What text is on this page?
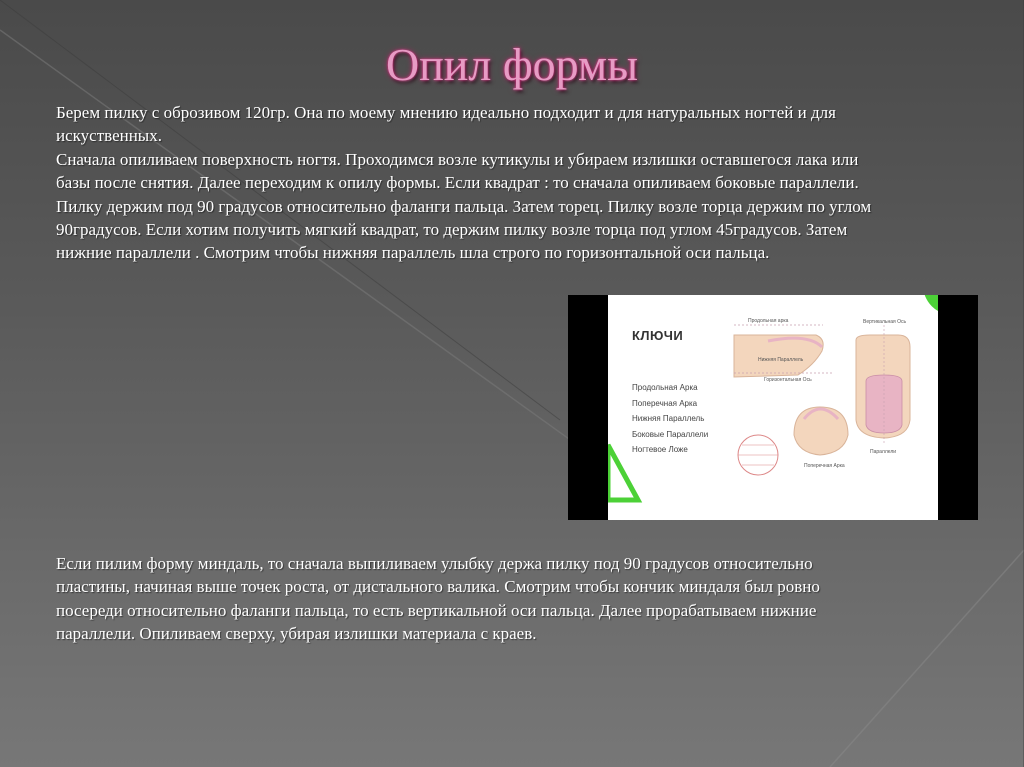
Опил формы

Берем пилку с оброзивом 120гр. Она по моему мнению идеально подходит и для натуральных ногтей и для искуственных.

Сначала опиливаем поверхность ногтя. Проходимся возле кутикулы и убираем излишки оставшегося лака или базы после снятия. Далее переходим к опилу формы. Если квадрат : то сначала опиливаем боковые параллели. Пилку держим под 90 градусов относительно фаланги пальца. Затем торец. Пилку возле торца держим по углом 90градусов. Если хотим получить мягкий квадрат, то держим пилку возле торца под углом 45градусов. Затем нижние параллели . Смотрим чтобы нижняя параллель шла строго по горизонтальной оси пальца.

Продольная арка
Нижняя Параллель
Горизонтальная Ось
Вертикальная Ось
Параллели
Поперечная Арка
КЛЮЧИ
Продольная Арка
Поперечная Арка
Нижняя Параллель
Боковые Параллели
Ногтевое Ложе
Если пилим форму миндаль, то сначала выпиливаем улыбку держа пилку под 90 градусов относительно пластины, начиная выше точек роста, от дистального валика. Смотрим чтобы кончик миндаля был ровно посереди относительно фаланги пальца, то есть вертикальной оси пальца. Далее прорабатываем нижние параллели. Опиливаем сверху, убирая излишки материала с краев.
